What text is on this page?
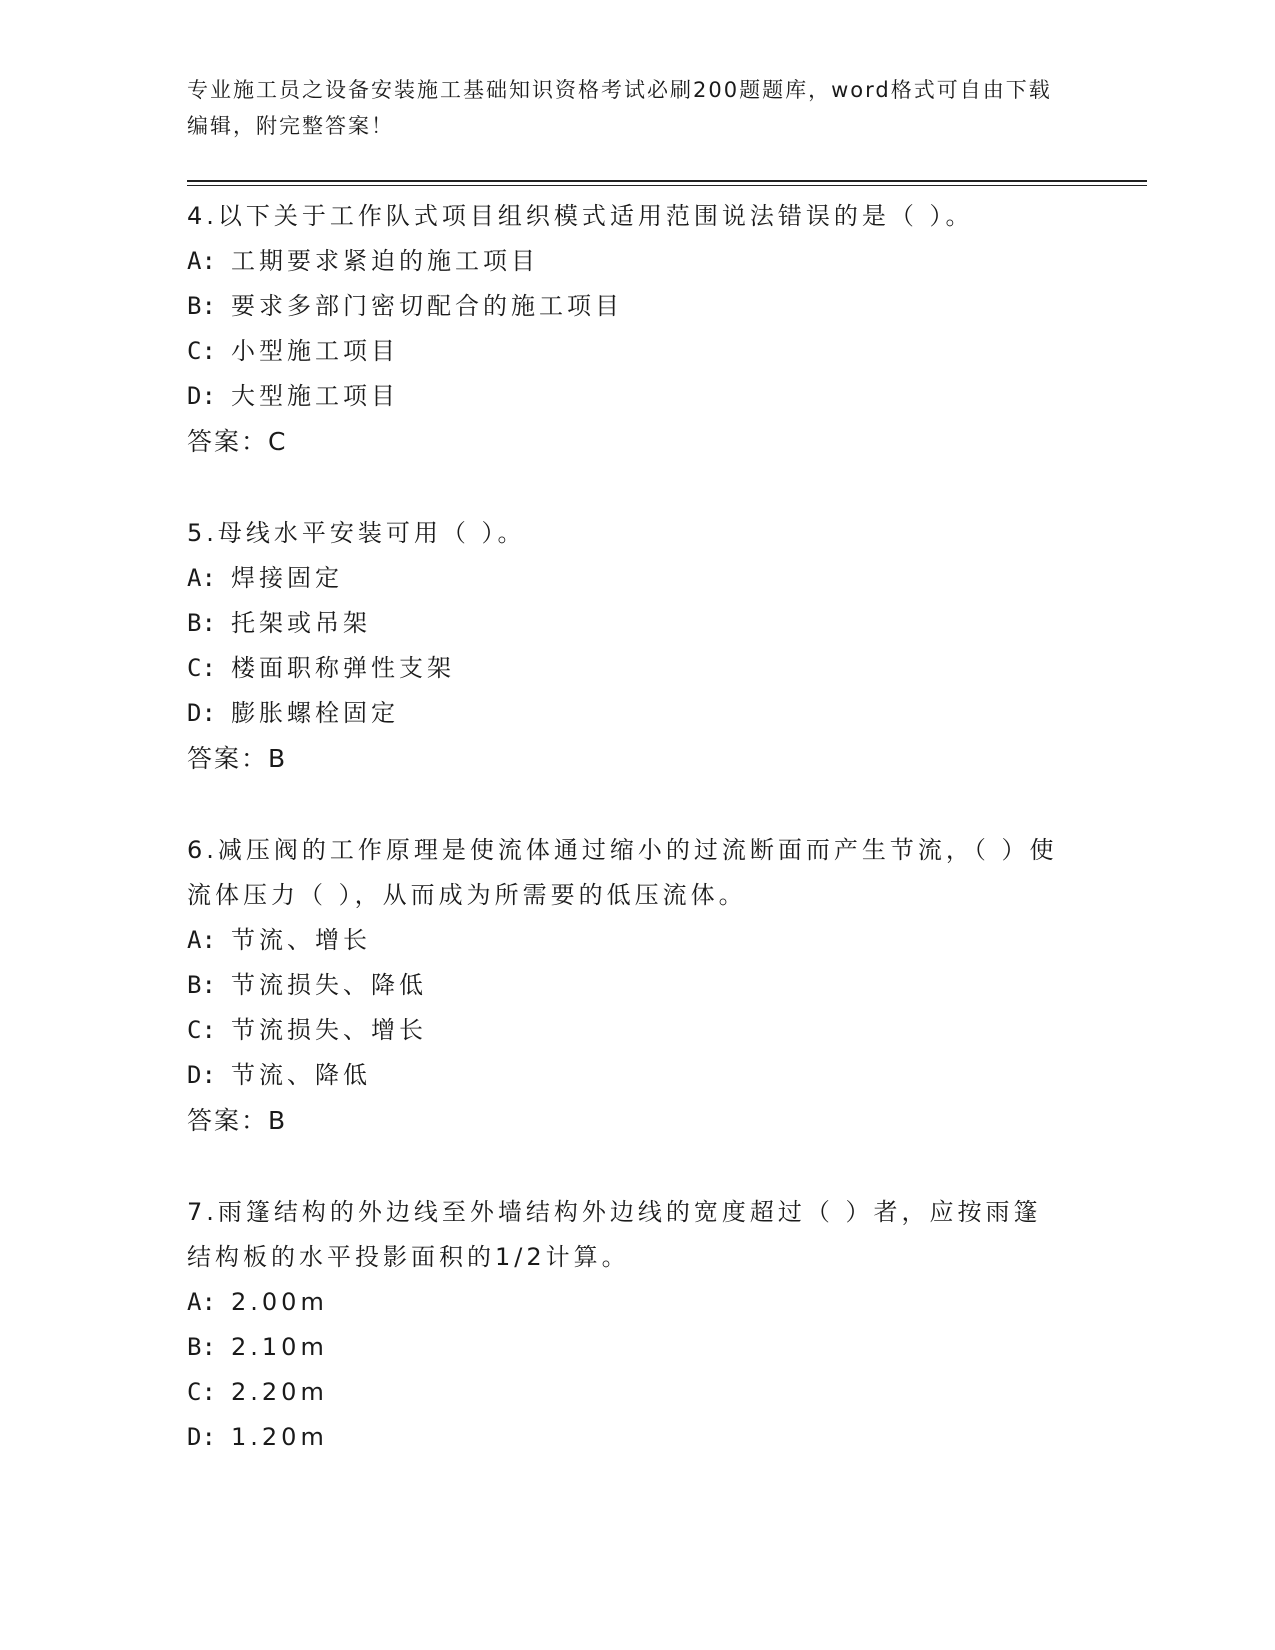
专业施工员之设备安装施工基础知识资格考试必刷200题题库，word格式可自由下载编辑，附完整答案！
4.以下关于工作队式项目组织模式适用范围说法错误的是（ ）。
A: 工期要求紧迫的施工项目
B: 要求多部门密切配合的施工项目
C: 小型施工项目
D: 大型施工项目
答案：C
5.母线水平安装可用（ ）。
A: 焊接固定
B: 托架或吊架
C: 楼面职称弹性支架
D: 膨胀螺栓固定
答案：B
6.减压阀的工作原理是使流体通过缩小的过流断面而产生节流，（ ）使流体压力（ ），从而成为所需要的低压流体。
A: 节流、增长
B: 节流损失、降低
C: 节流损失、增长
D: 节流、降低
答案：B
7.雨篷结构的外边线至外墙结构外边线的宽度超过（ ）者，应按雨篷结构板的水平投影面积的1/2计算。
A: 2.00m
B: 2.10m
C: 2.20m
D: 1.20m
